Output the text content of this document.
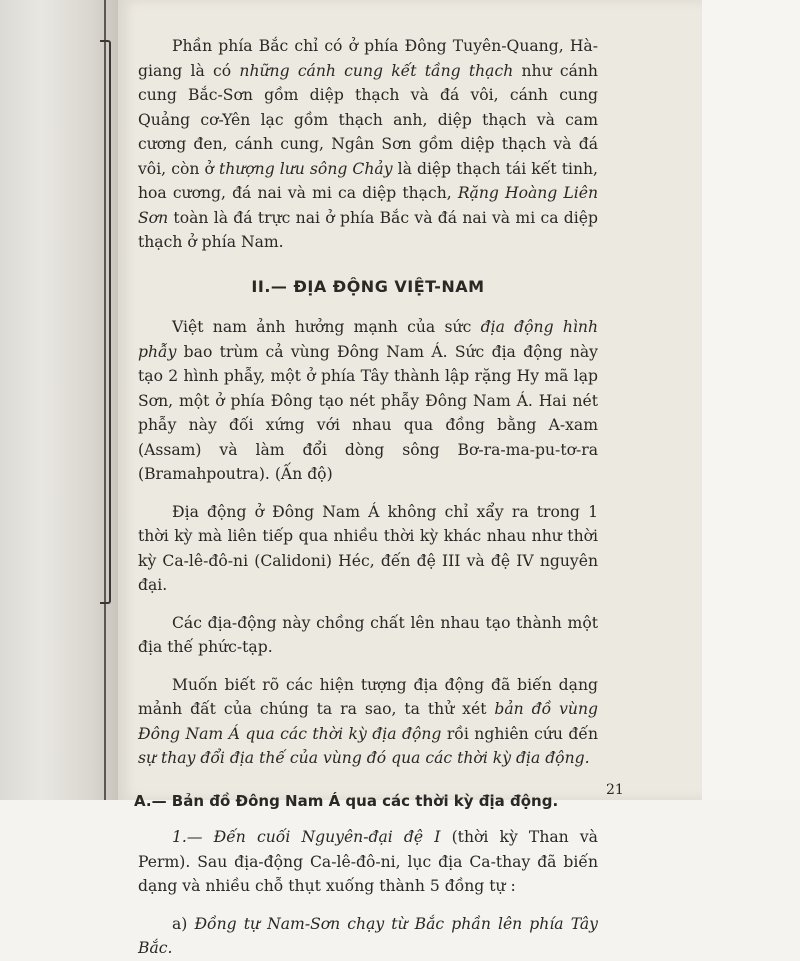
Phần phía Bắc chỉ có ở phía Đông Tuyên-Quang, Hà-giang là có những cánh cung kết tầng thạch như cánh cung Bắc-Sơn gồm diệp thạch và đá vôi, cánh cung Quảng cơ-Yên lạc gồm thạch anh, diệp thạch và cam cương đen, cánh cung, Ngân Sơn gồm diệp thạch và đá vôi, còn ở thượng lưu sông Chảy là diệp thạch tái kết tinh, hoa cương, đá nai và mi ca diệp thạch, Rặng Hoàng Liên Sơn toàn là đá trực nai ở phía Bắc và đá nai và mi ca diệp thạch ở phía Nam.

II.— ĐỊA ĐỘNG VIỆT-NAM

Việt nam ảnh hưởng mạnh của sức địa động hình phẫy bao trùm cả vùng Đông Nam Á. Sức địa động này tạo 2 hình phẫy, một ở phía Tây thành lập rặng Hy mã lạp Sơn, một ở phía Đông tạo nét phẫy Đông Nam Á. Hai nét phẫy này đối xứng với nhau qua đồng bằng A-xam (Assam) và làm đổi dòng sông Bơ-ra-ma-pu-tơ-ra (Bramahpoutra). (Ấn độ)

Địa động ở Đông Nam Á không chỉ xẩy ra trong 1 thời kỳ mà liên tiếp qua nhiều thời kỳ khác nhau như thời kỳ Ca-lê-đô-ni (Calidoni) Héc, đến đệ III và đệ IV nguyên đại.

Các địa-động này chồng chất lên nhau tạo thành một địa thế phức-tạp.

Muốn biết rõ các hiện tượng địa động đã biến dạng mảnh đất của chúng ta ra sao, ta thử xét bản đồ vùng Đông Nam Á qua các thời kỳ địa động rồi nghiên cứu đến sự thay đổi địa thế của vùng đó qua các thời kỳ địa động.

A.— Bản đồ Đông Nam Á qua các thời kỳ địa động.

1.— Đến cuối Nguyên-đại đệ I (thời kỳ Than và Perm). Sau địa-động Ca-lê-đô-ni, lục địa Ca-thay đã biến dạng và nhiều chỗ thụt xuống thành 5 đồng tự :

a) Đồng tự Nam-Sơn chạy từ Bắc phần lên phía Tây Bắc.

21
